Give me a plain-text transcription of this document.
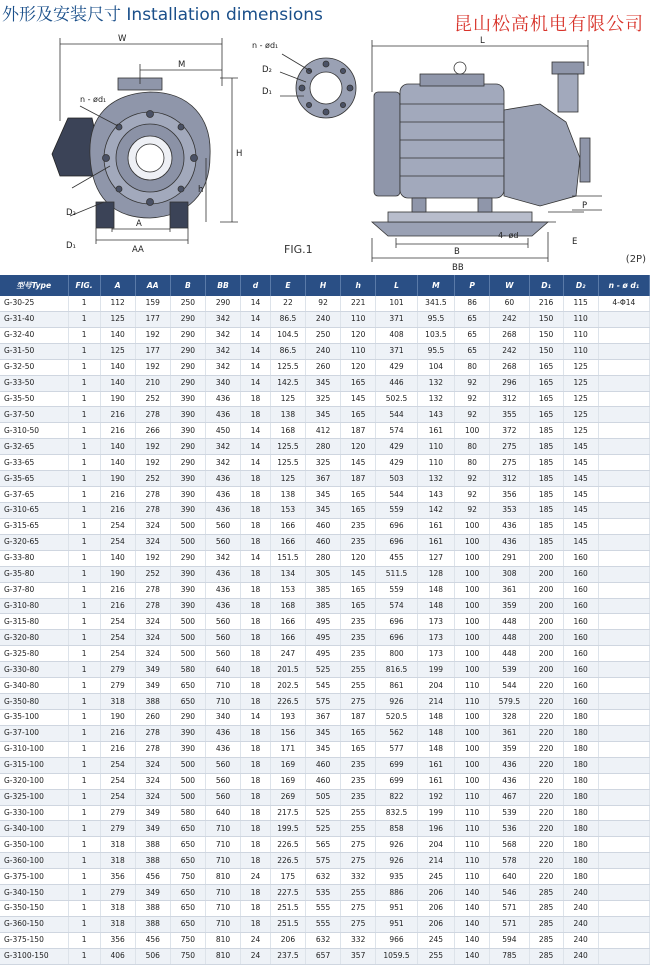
外形及安装尺寸 Installation dimensions	昆山松高机电有限公司
W
M
n - ød₁
D₂
D₁
H
h
A
AA
n - ød₁
D₂
D₁
L
P
B
BB
4- ød
E
FIG.1
(2P)
型号Type	FIG.	A	AA	B	BB	d	E	H	h	L	M	P	W	D₁	D₂	n - ø d₁
G-30-25	1	112	159	250	290	14	22	92	221	101	341.5	86	60	216	115	4-Φ14
G-31-40	1	125	177	290	342	14	86.5	240	110	371	95.5	65	242	150	110	
G-32-40	1	140	192	290	342	14	104.5	250	120	408	103.5	65	268	150	110	
G-31-50	1	125	177	290	342	14	86.5	240	110	371	95.5	65	242	150	110	
G-32-50	1	140	192	290	342	14	125.5	260	120	429	104	80	268	165	125	
G-33-50	1	140	210	290	340	14	142.5	345	165	446	132	92	296	165	125	
G-35-50	1	190	252	390	436	18	125	325	145	502.5	132	92	312	165	125	
G-37-50	1	216	278	390	436	18	138	345	165	544	143	92	355	165	125	
G-310-50	1	216	266	390	450	14	168	412	187	574	161	100	372	185	125	
G-32-65	1	140	192	290	342	14	125.5	280	120	429	110	80	275	185	145	
G-33-65	1	140	192	290	342	14	125.5	325	145	429	110	80	275	185	145	
G-35-65	1	190	252	390	436	18	125	367	187	503	132	92	312	185	145	
G-37-65	1	216	278	390	436	18	138	345	165	544	143	92	356	185	145	
G-310-65	1	216	278	390	436	18	153	345	165	559	142	92	353	185	145	
G-315-65	1	254	324	500	560	18	166	460	235	696	161	100	436	185	145	
G-320-65	1	254	324	500	560	18	166	460	235	696	161	100	436	185	145	
G-33-80	1	140	192	290	342	14	151.5	280	120	455	127	100	291	200	160	
G-35-80	1	190	252	390	436	18	134	305	145	511.5	128	100	308	200	160	
G-37-80	1	216	278	390	436	18	153	385	165	559	148	100	361	200	160	
G-310-80	1	216	278	390	436	18	168	385	165	574	148	100	359	200	160	
G-315-80	1	254	324	500	560	18	166	495	235	696	173	100	448	200	160	
G-320-80	1	254	324	500	560	18	166	495	235	696	173	100	448	200	160	
G-325-80	1	254	324	500	560	18	247	495	235	800	173	100	448	200	160	
G-330-80	1	279	349	580	640	18	201.5	525	255	816.5	199	100	539	200	160	
G-340-80	1	279	349	650	710	18	202.5	545	255	861	204	110	544	220	160	
G-350-80	1	318	388	650	710	18	226.5	575	275	926	214	110	579.5	220	160	
G-35-100	1	190	260	290	340	14	193	367	187	520.5	148	100	328	220	180	
G-37-100	1	216	278	390	436	18	156	345	165	562	148	100	361	220	180	
G-310-100	1	216	278	390	436	18	171	345	165	577	148	100	359	220	180	
G-315-100	1	254	324	500	560	18	169	460	235	699	161	100	436	220	180	
G-320-100	1	254	324	500	560	18	169	460	235	699	161	100	436	220	180	
G-325-100	1	254	324	500	560	18	269	505	235	822	192	110	467	220	180	
G-330-100	1	279	349	580	640	18	217.5	525	255	832.5	199	110	539	220	180	
G-340-100	1	279	349	650	710	18	199.5	525	255	858	196	110	536	220	180	
G-350-100	1	318	388	650	710	18	226.5	565	275	926	204	110	568	220	180	
G-360-100	1	318	388	650	710	18	226.5	575	275	926	214	110	578	220	180	
G-375-100	1	356	456	750	810	24	175	632	332	935	245	110	640	220	180	
G-340-150	1	279	349	650	710	18	227.5	535	255	886	206	140	546	285	240	
G-350-150	1	318	388	650	710	18	251.5	555	275	951	206	140	571	285	240	
G-360-150	1	318	388	650	710	18	251.5	555	275	951	206	140	571	285	240	
G-375-150	1	356	456	750	810	24	206	632	332	966	245	140	594	285	240	
G-3100-150	1	406	506	750	810	24	237.5	657	357	1059.5	255	140	785	285	240	
